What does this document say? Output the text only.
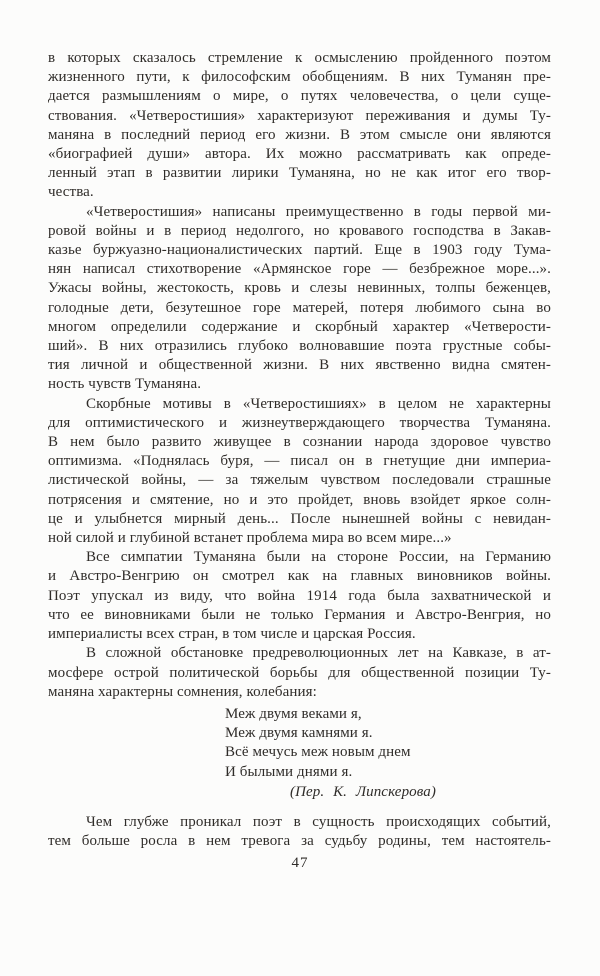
в которых сказалось стремление к осмыслению пройденного поэтом
жизненного пути, к философским обобщениям. В них Туманян пре-
дается размышлениям о мире, о путях человечества, о цели суще-
ствования. «Четверостишия» характеризуют переживания и думы Ту-
маняна в последний период его жизни. В этом смысле они являются
«биографией души» автора. Их можно рассматривать как опреде-
ленный этап в развитии лирики Туманяна, но не как итог его твор-
чества.
«Четверостишия» написаны преимущественно в годы первой ми-
ровой войны и в период недолгого, но кровавого господства в Закав-
казье буржуазно-националистических партий. Еще в 1903 году Тума-
нян написал стихотворение «Армянское горе — безбрежное море...».
Ужасы войны, жестокость, кровь и слезы невинных, толпы беженцев,
голодные дети, безутешное горе матерей, потеря любимого сына во
многом определили содержание и скорбный характер «Четверости-
ший». В них отразились глубоко волновавшие поэта грустные собы-
тия личной и общественной жизни. В них явственно видна смятен-
ность чувств Туманяна.
Скорбные мотивы в «Четверостишиях» в целом не характерны
для оптимистического и жизнеутверждающего творчества Туманяна.
В нем было развито живущее в сознании народа здоровое чувство
оптимизма. «Поднялась буря, — писал он в гнетущие дни империа-
листической войны, — за тяжелым чувством последовали страшные
потрясения и смятение, но и это пройдет, вновь взойдет яркое солн-
це и улыбнется мирный день... После нынешней войны с невидан-
ной силой и глубиной встанет проблема мира во всем мире...»
Все симпатии Туманяна были на стороне России, на Германию
и Австро-Венгрию он смотрел как на главных виновников войны.
Поэт упускал из виду, что война 1914 года была захватнической и
что ее виновниками были не только Германия и Австро-Венгрия, но
империалисты всех стран, в том числе и царская Россия.
В сложной обстановке предреволюционных лет на Кавказе, в ат-
мосфере острой политической борьбы для общественной позиции Ту-
маняна характерны сомнения, колебания:
Меж двумя веками я,
Меж двумя камнями я.
Всё мечусь меж новым днем
И былыми днями я.
(Пер. К. Липскерова)
Чем глубже проникал поэт в сущность происходящих событий,
тем больше росла в нем тревога за судьбу родины, тем настоятель-
47
